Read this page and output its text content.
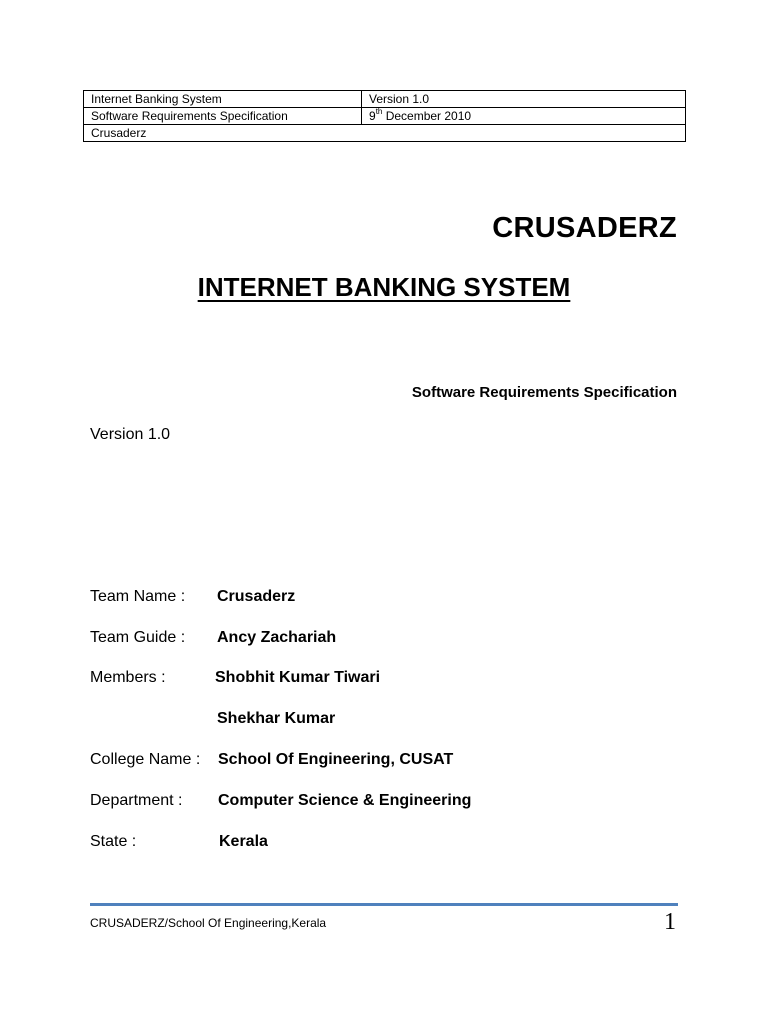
Internet Banking System	Version 1.0
Software Requirements Specification	9th December 2010
Crusaderz	
CRUSADERZ
INTERNET BANKING SYSTEM
Software Requirements Specification
Version 1.0
Team Name : Crusaderz
Team Guide : Ancy Zachariah
Members :	Shobhit Kumar Tiwari
Shekhar Kumar
College Name : School Of Engineering, CUSAT
Department : Computer Science & Engineering
State :	Kerala
CRUSADERZ/School Of Engineering,Kerala	1
